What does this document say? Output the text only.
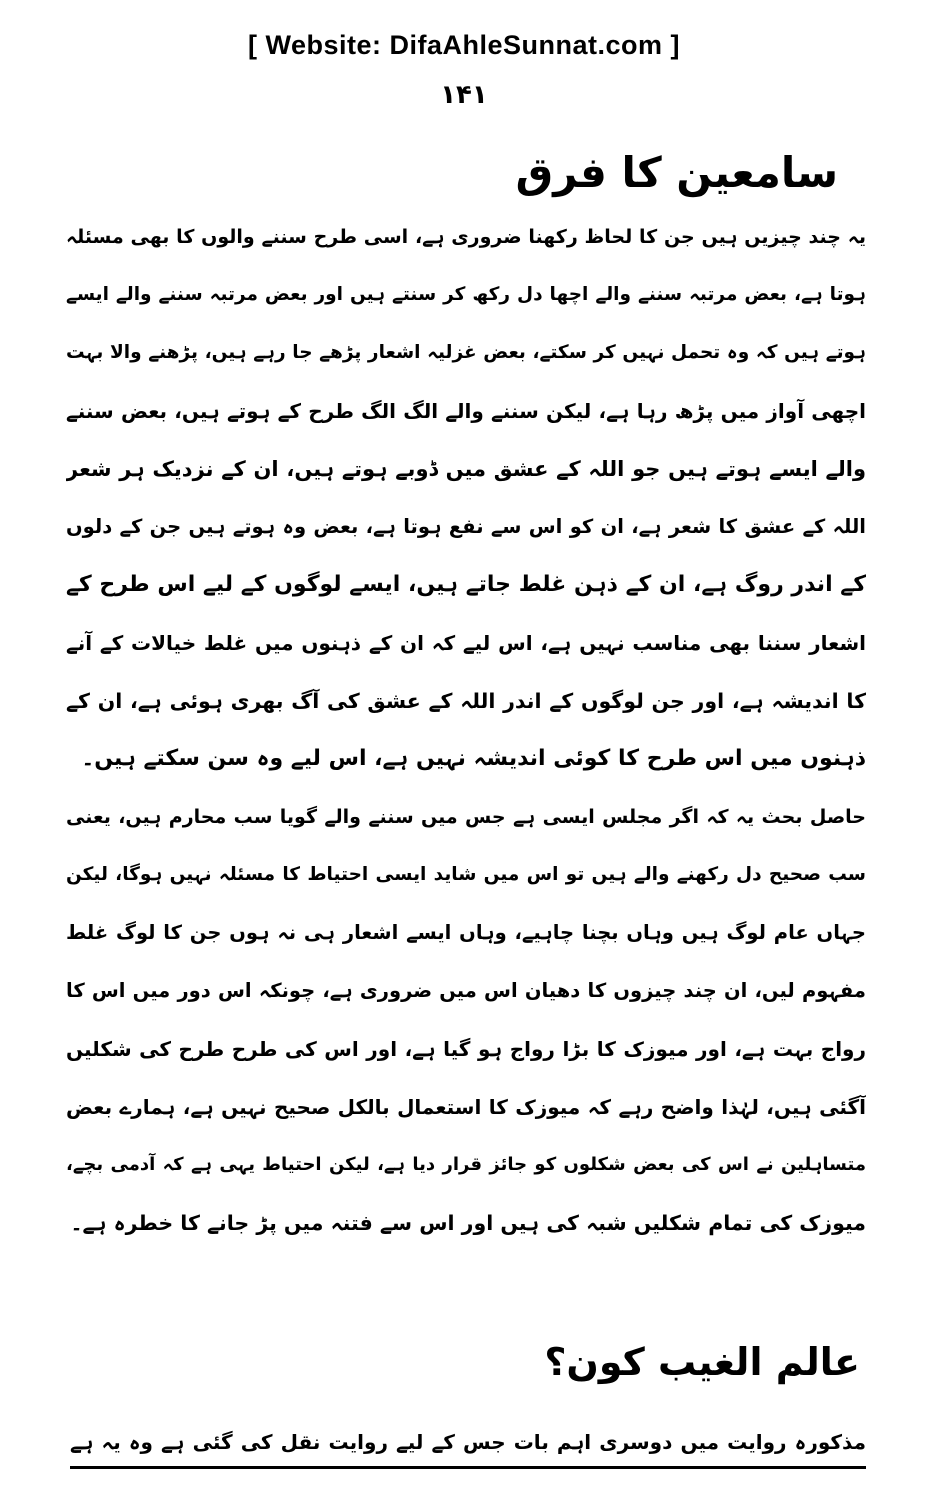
[ Website: DifaAhleSunnat.com ]
۱۴۱
سامعین کا فرق
یہ چند چیزیں ہیں جن کا لحاظ رکھنا ضروری ہے، اسی طرح سننے والوں کا بھی مسئلہ
ہوتا ہے، بعض مرتبہ سننے والے اچھا دل رکھ کر سنتے ہیں اور بعض مرتبہ سننے والے ایسے
ہوتے ہیں کہ وہ تحمل نہیں کر سکتے، بعض غزلیہ اشعار پڑھے جا رہے ہیں، پڑھنے والا بہت
اچھی آواز میں پڑھ رہا ہے، لیکن سننے والے الگ الگ طرح کے ہوتے ہیں، بعض سننے
والے ایسے ہوتے ہیں جو اللہ کے عشق میں ڈوبے ہوتے ہیں، ان کے نزدیک ہر شعر
اللہ کے عشق کا شعر ہے، ان کو اس سے نفع ہوتا ہے، بعض وہ ہوتے ہیں جن کے دلوں
کے اندر روگ ہے، ان کے ذہن غلط جاتے ہیں، ایسے لوگوں کے لیے اس طرح کے
اشعار سننا بھی مناسب نہیں ہے، اس لیے کہ ان کے ذہنوں میں غلط خیالات کے آنے
کا اندیشہ ہے، اور جن لوگوں کے اندر اللہ کے عشق کی آگ بھری ہوئی ہے، ان کے
ذہنوں میں اس طرح کا کوئی اندیشہ نہیں ہے، اس لیے وہ سن سکتے ہیں۔
حاصل بحث یہ کہ اگر مجلس ایسی ہے جس میں سننے والے گویا سب محارم ہیں، یعنی
سب صحیح دل رکھنے والے ہیں تو اس میں شاید ایسی احتیاط کا مسئلہ نہیں ہوگا، لیکن
جہاں عام لوگ ہیں وہاں بچنا چاہیے، وہاں ایسے اشعار ہی نہ ہوں جن کا لوگ غلط
مفہوم لیں، ان چند چیزوں کا دھیان اس میں ضروری ہے، چونکہ اس دور میں اس کا
رواج بہت ہے، اور میوزک کا بڑا رواج ہو گیا ہے، اور اس کی طرح طرح کی شکلیں
آگئی ہیں، لہٰذا واضح رہے کہ میوزک کا استعمال بالکل صحیح نہیں ہے، ہمارے بعض
متساہلین نے اس کی بعض شکلوں کو جائز قرار دیا ہے، لیکن احتیاط یہی ہے کہ آدمی بچے،
میوزک کی تمام شکلیں شبہ کی ہیں اور اس سے فتنہ میں پڑ جانے کا خطرہ ہے۔
عالم الغیب کون؟
مذکورہ روایت میں دوسری اہم بات جس کے لیے روایت نقل کی گئی ہے وہ یہ ہے
